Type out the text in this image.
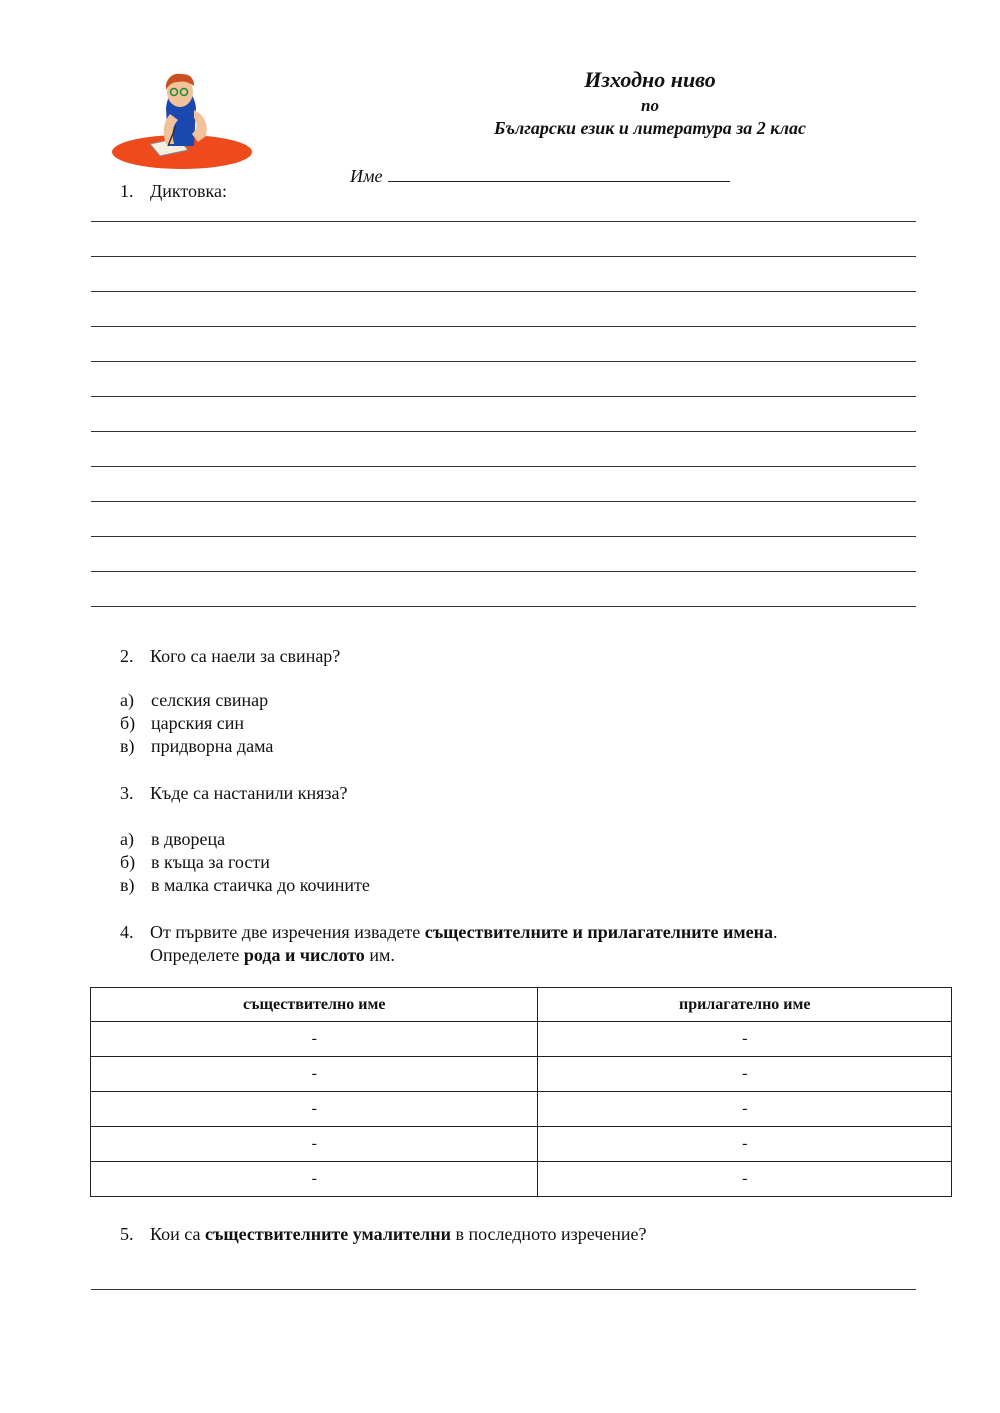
Изходно ниво
по
Български език и литература за 2 клас
Име
1. Диктовка:
2. Кого са наели за свинар?
а) селския свинар
б) царския син
в) придворна дама
3. Къде са настанили княза?
а) в двореца
б) в къща за гости
в) в малка стаичка до кочините
4. От първите две изречения извадете съществителните и прилагателните имена.
Определете рода и числото им.
съществително име	прилагателно име
-	-
-	-
-	-
-	-
-	-
5. Кои са съществителните умалителни в последното изречение?
